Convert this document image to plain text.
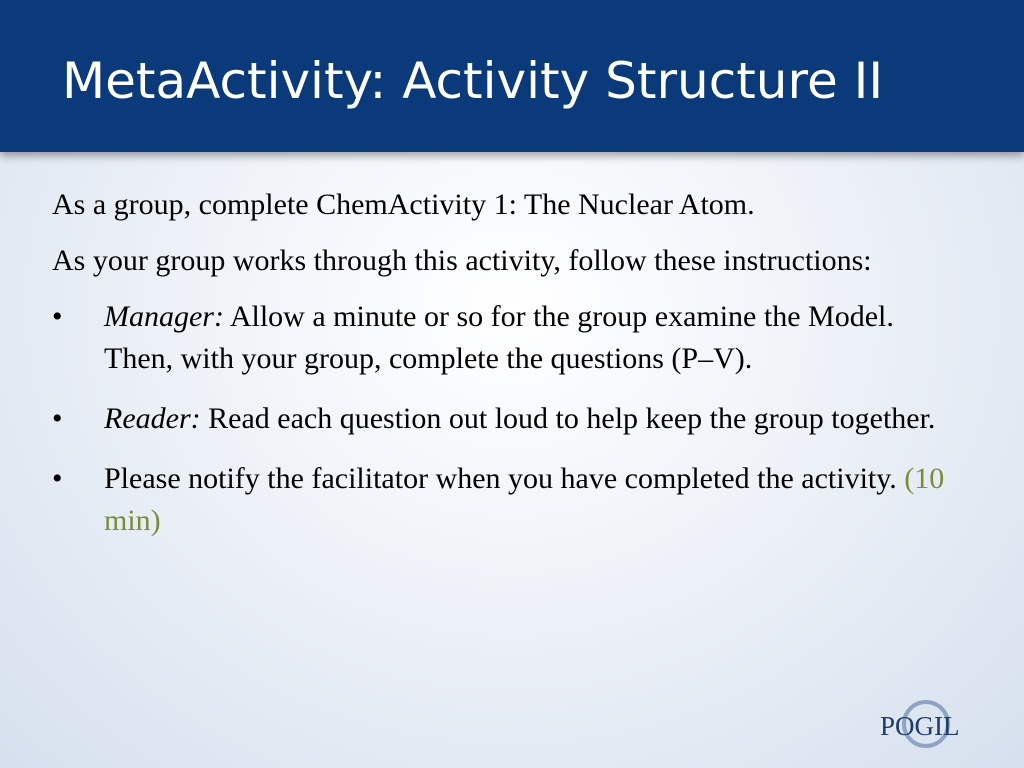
MetaActivity: Activity Structure II

As a group, complete ChemActivity 1: The Nuclear Atom.

As your group works through this activity, follow these instructions:

•	Manager: Allow a minute or so for the group examine the Model. Then, with your group, complete the questions (P–V).
•	Reader: Read each question out loud to help keep the group together.
•	Please notify the facilitator when you have completed the activity. (10 min)
POGIL
